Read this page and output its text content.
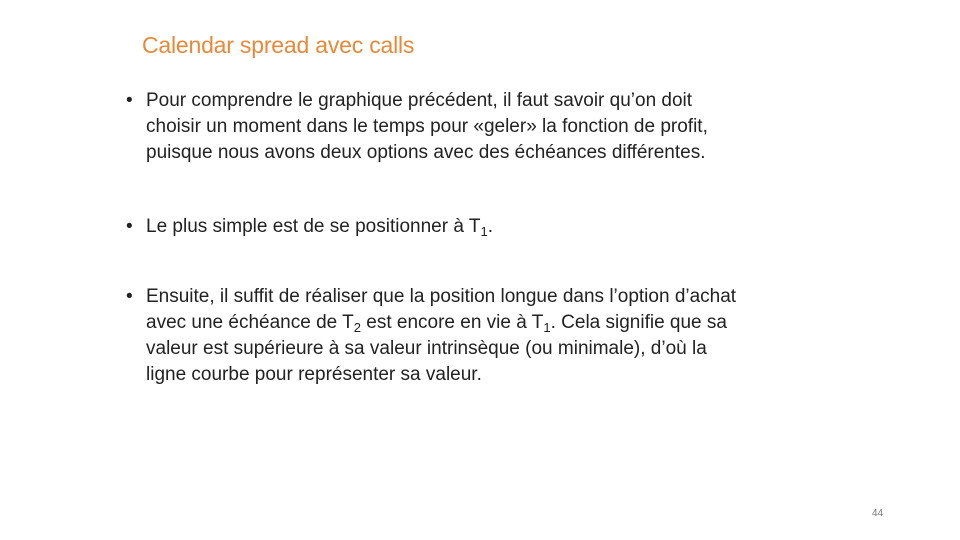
Calendar spread avec calls
• Pour comprendre le graphique précédent, il faut savoir qu’on doit
choisir un moment dans le temps pour «geler» la fonction de profit,
puisque nous avons deux options avec des échéances différentes.
• Le plus simple est de se positionner à $T_1$.
• Ensuite, il suffit de réaliser que la position longue dans l’option d’achat
avec une échéance de $T_2$ est encore en vie à $T_1$. Cela signifie que sa
valeur est supérieure à sa valeur intrinsèque (ou minimale), d’où la
ligne courbe pour représenter sa valeur.
44
